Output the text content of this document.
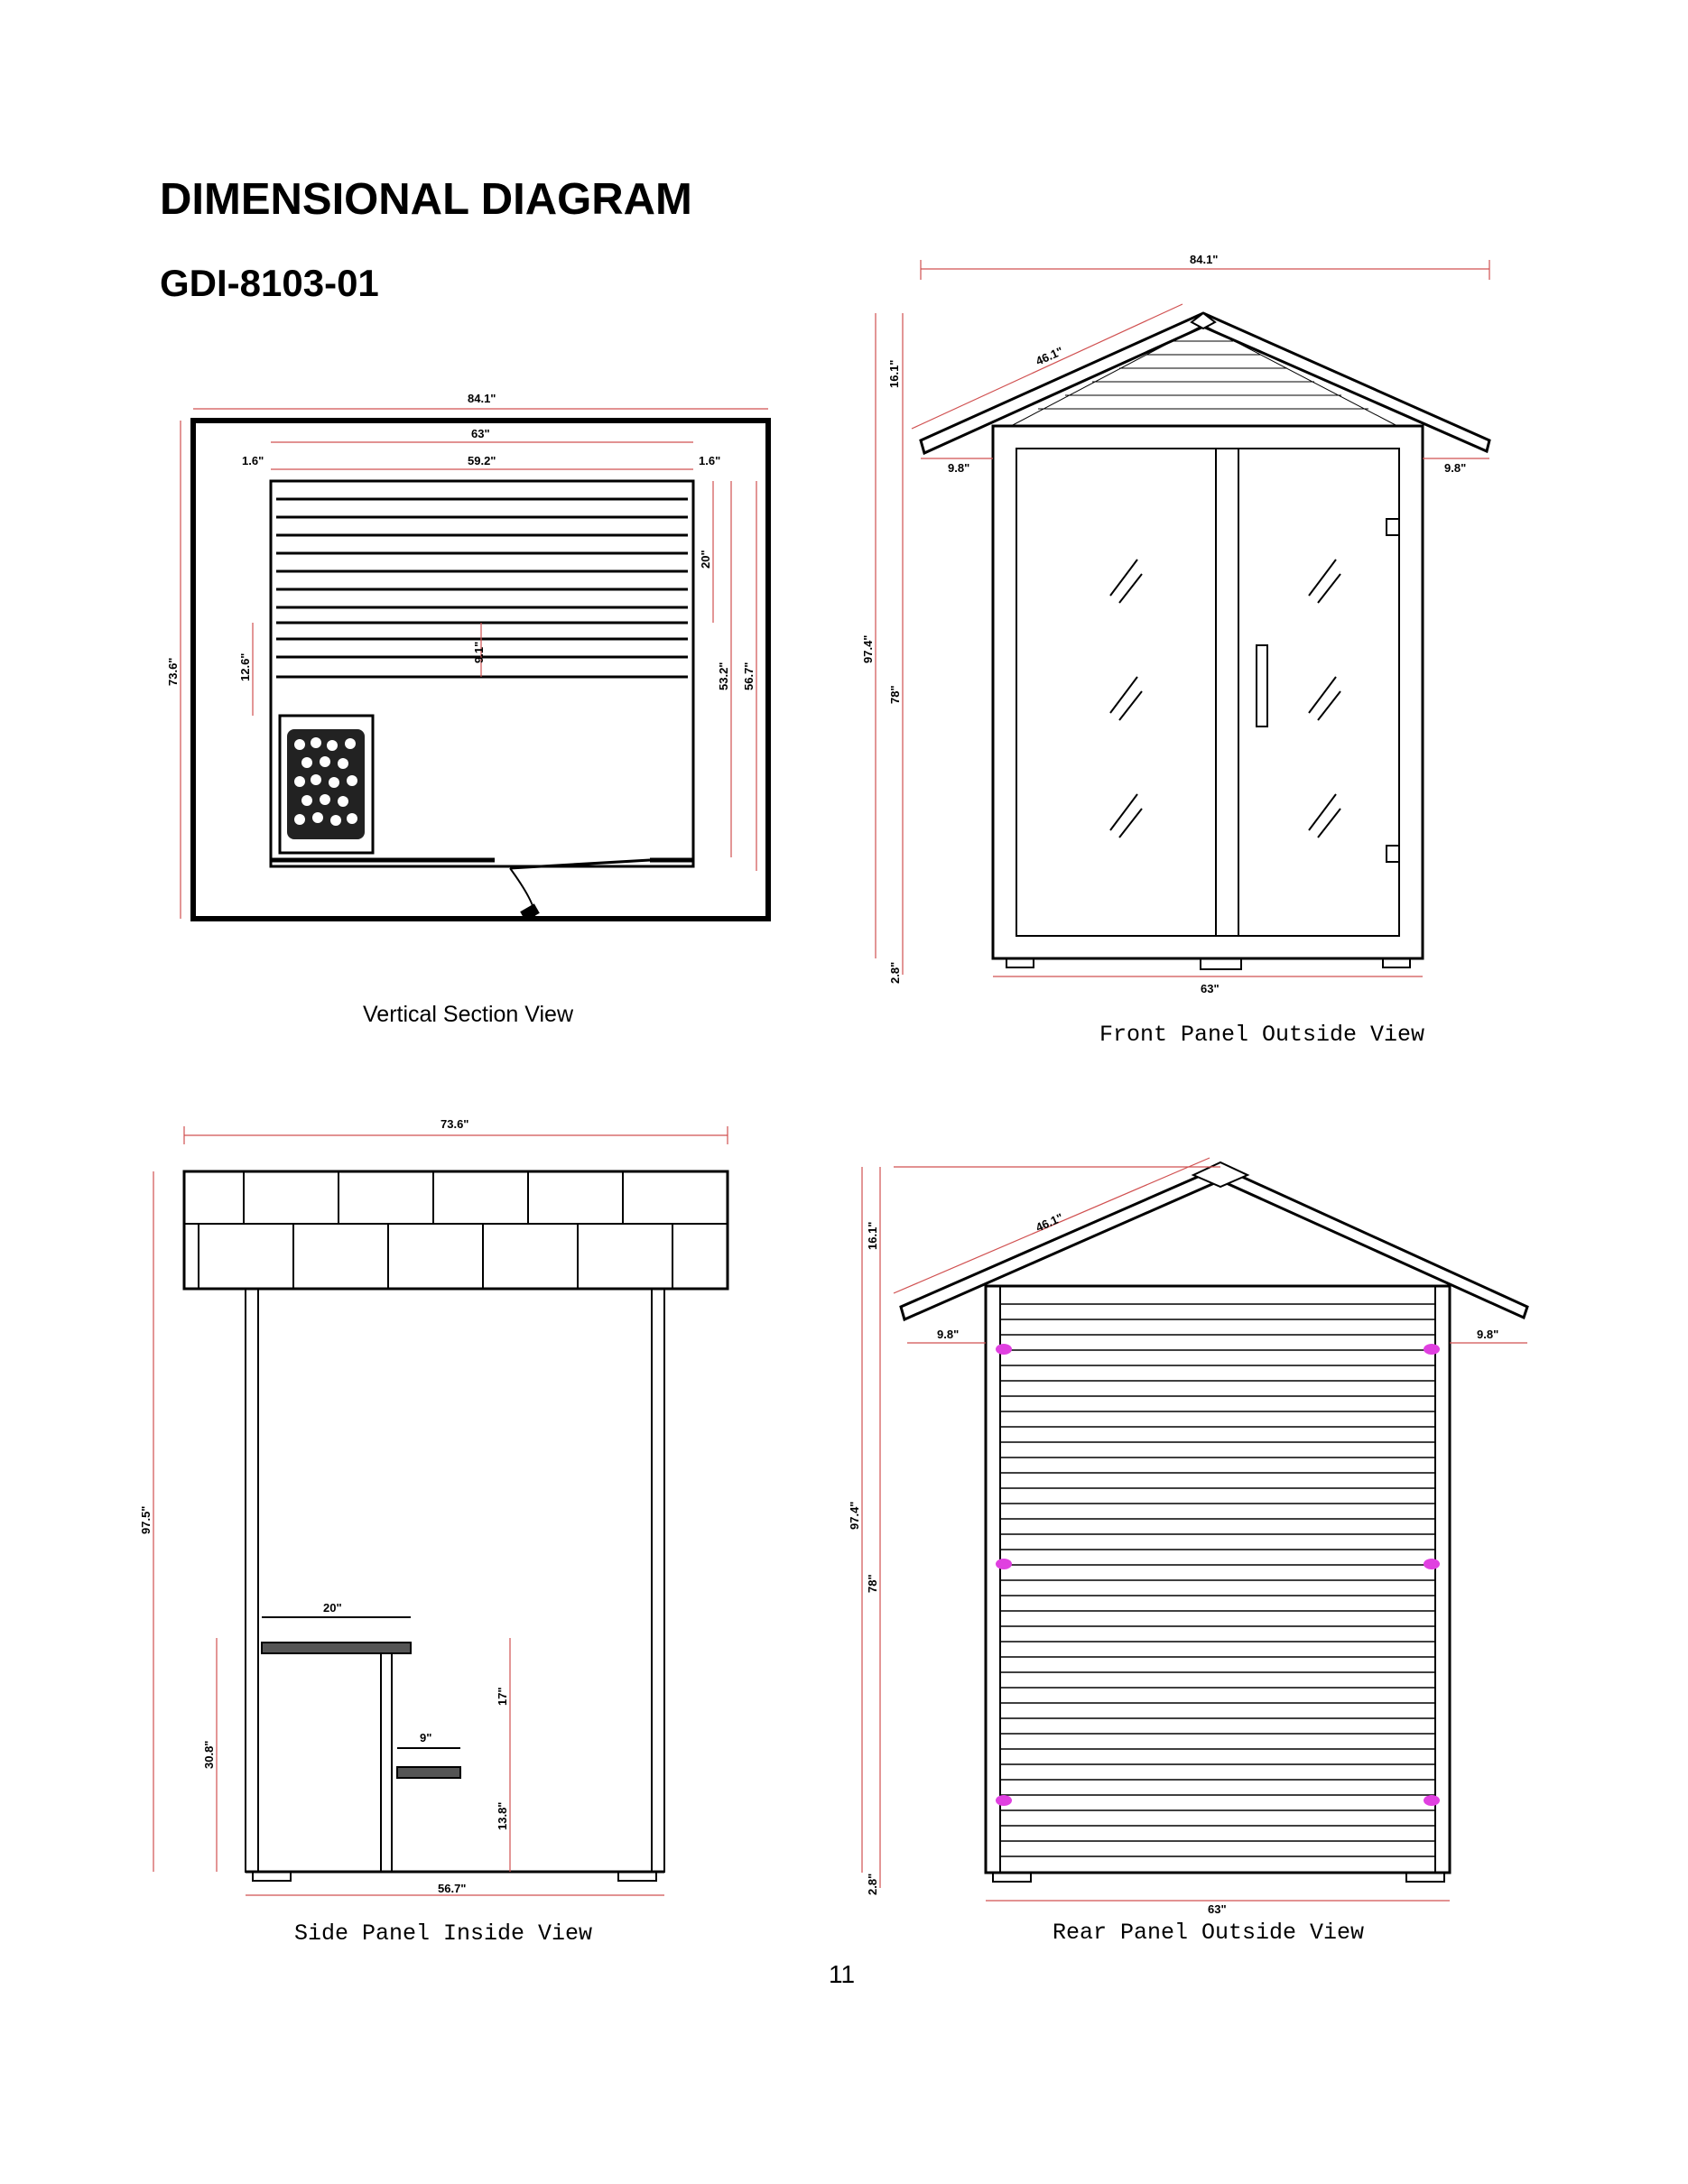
DIMENSIONAL DIAGRAM
GDI-8103-01
84.1"
63"
1.6"	59.2"	1.6"
73.6"
20"
9.1"
12.6"	53.2" 56.7"
84.1"
46.1"
16.1"
9.8"	9.8"
97.4"
78"
2.8"
63"
73.6"
97.5"
20"
30.8"
17"
9"
13.8"
56.7"
46.1"
16.1"
9.8"	9.8"
97.4"
78"
2.8"
63"
Vertical Section View
Front Panel Outside View
Side Panel Inside View	Rear Panel Outside View
11
